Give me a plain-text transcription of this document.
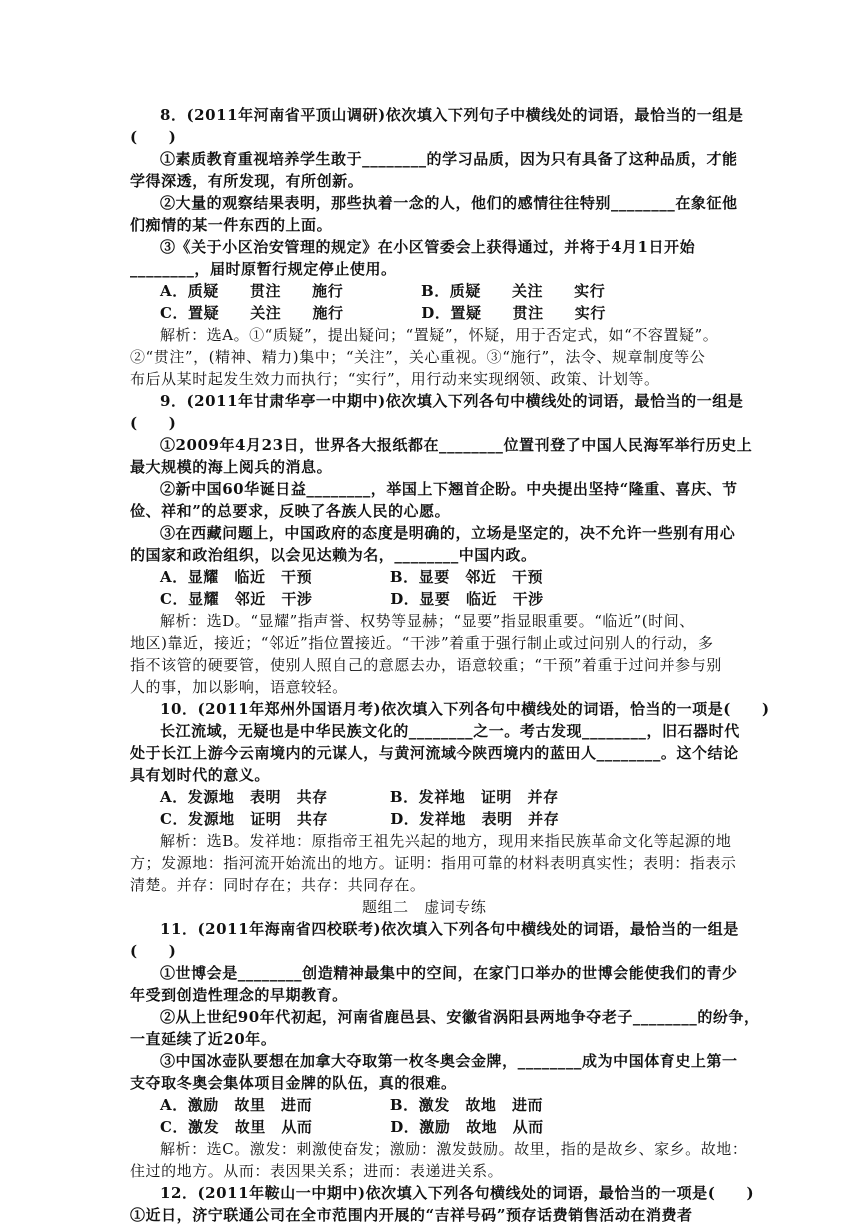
8．(2011年河南省平顶山调研)依次填入下列句子中横线处的词语，最恰当的一组是
(　　)
①素质教育重视培养学生敢于________的学习品质，因为只有具备了这种品质，才能
学得深透，有所发现，有所创新。
②大量的观察结果表明，那些执着一念的人，他们的感情往往特别________在象征他
们痴情的某一件东西的上面。
③《关于小区治安管理的规定》在小区管委会上获得通过，并将于4月1日开始
________，届时原暂行规定停止使用。
A．质疑　　贯注　　施行　　　　　B．质疑　　关注　　实行
C．置疑　　关注　　施行　　　　　D．置疑　　贯注　　实行
解析：选A。①“质疑”，提出疑问；“置疑”，怀疑，用于否定式，如“不容置疑”。
②“贯注”，(精神、精力)集中；“关注”，关心重视。③“施行”，法令、规章制度等公
布后从某时起发生效力而执行；“实行”，用行动来实现纲领、政策、计划等。
9．(2011年甘肃华亭一中期中)依次填入下列各句中横线处的词语，最恰当的一组是
(　　)
①2009年4月23日，世界各大报纸都在________位置刊登了中国人民海军举行历史上
最大规模的海上阅兵的消息。
②新中国60华诞日益________，举国上下翘首企盼。中央提出坚持“隆重、喜庆、节
俭、祥和”的总要求，反映了各族人民的心愿。
③在西藏问题上，中国政府的态度是明确的，立场是坚定的，决不允许一些别有用心
的国家和政治组织，以会见达赖为名，________中国内政。
A．显耀　临近　干预　　　　　B．显要　邻近　干预
C．显耀　邻近　干涉　　　　　D．显要　临近　干涉
解析：选D。“显耀”指声誉、权势等显赫；“显要”指显眼重要。“临近”(时间、
地区)靠近，接近；“邻近”指位置接近。“干涉”着重于强行制止或过问别人的行动，多
指不该管的硬要管，使别人照自己的意愿去办，语意较重；“干预”着重于过问并参与别
人的事，加以影响，语意较轻。
10．(2011年郑州外国语月考)依次填入下列各句中横线处的词语，恰当的一项是(　　)
长江流域，无疑也是中华民族文化的________之一。考古发现________，旧石器时代
处于长江上游今云南境内的元谋人，与黄河流域今陕西境内的蓝田人________。这个结论
具有划时代的意义。
A．发源地　表明　共存　　　　B．发祥地　证明　并存
C．发源地　证明　共存　　　　D．发祥地　表明　并存
解析：选B。发祥地：原指帝王祖先兴起的地方，现用来指民族革命文化等起源的地
方；发源地：指河流开始流出的地方。证明：指用可靠的材料表明真实性；表明：指表示
清楚。并存：同时存在；共存：共同存在。
题组二　虚词专练
11．(2011年海南省四校联考)依次填入下列各句中横线处的词语，最恰当的一组是
(　　)
①世博会是________创造精神最集中的空间，在家门口举办的世博会能使我们的青少
年受到创造性理念的早期教育。
②从上世纪90年代初起，河南省鹿邑县、安徽省涡阳县两地争夺老子________的纷争，
一直延续了近20年。
③中国冰壶队要想在加拿大夺取第一枚冬奥会金牌，________成为中国体育史上第一
支夺取冬奥会集体项目金牌的队伍，真的很难。
A．激励　故里　进而　　　　　B．激发　故地　进而
C．激发　故里　从而　　　　　D．激励　故地　从而
解析：选C。激发：刺激使奋发；激励：激发鼓励。故里，指的是故乡、家乡。故地：
住过的地方。从而：表因果关系；进而：表递进关系。
12．(2011年鞍山一中期中)依次填入下列各句横线处的词语，最恰当的一项是(　　)
①近日，济宁联通公司在全市范围内开展的“吉祥号码”预存话费销售活动在消费者
